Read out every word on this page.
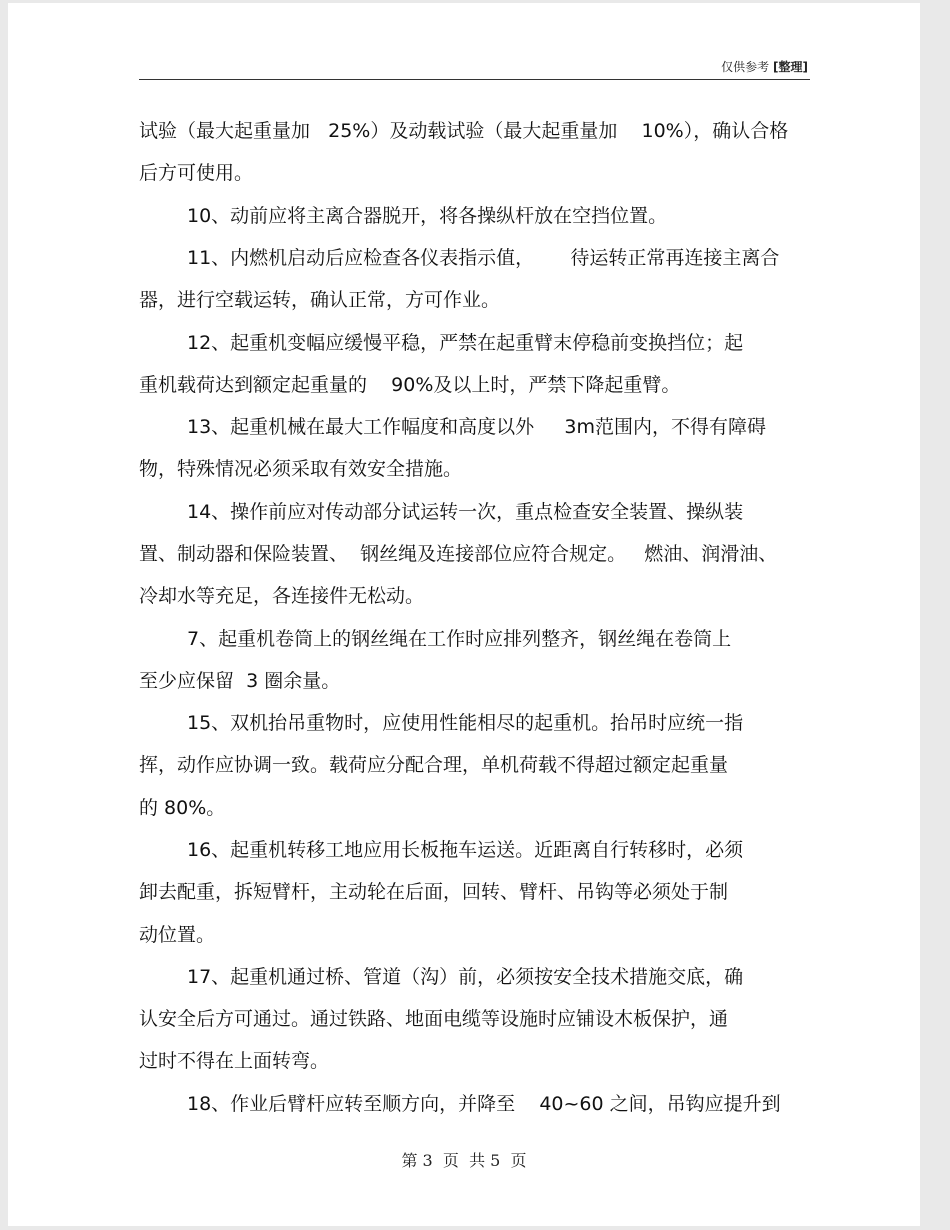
仅供参考 [整理]
试验（最大起重量加   25%）及动载试验（最大起重量加    10%），确认合格
后方可使用。
10、动前应将主离合器脱开，将各操纵杆放在空挡位置。
11、内燃机启动后应检查各仪表指示值，      待运转正常再连接主离合
器，进行空载运转，确认正常，方可作业。
12、起重机变幅应缓慢平稳，严禁在起重臂末停稳前变换挡位；起
重机载荷达到额定起重量的    90%及以上时，严禁下降起重臂。
13、起重机械在最大工作幅度和高度以外     3m范围内，不得有障碍
物，特殊情况必须采取有效安全措施。
14、操作前应对传动部分试运转一次，重点检查安全装置、操纵装
置、制动器和保险装置、  钢丝绳及连接部位应符合规定。   燃油、润滑油、
冷却水等充足，各连接件无松动。
7、起重机卷筒上的钢丝绳在工作时应排列整齐，钢丝绳在卷筒上
至少应保留  3 圈余量。
15、双机抬吊重物时，应使用性能相尽的起重机。抬吊时应统一指
挥，动作应协调一致。载荷应分配合理，单机荷载不得超过额定起重量
的 80%。
16、起重机转移工地应用长板拖车运送。近距离自行转移时，必须
卸去配重，拆短臂杆，主动轮在后面，回转、臂杆、吊钩等必须处于制
动位置。
17、起重机通过桥、管道（沟）前，必须按安全技术措施交底，确
认安全后方可通过。通过铁路、地面电缆等设施时应铺设木板保护，通
过时不得在上面转弯。
18、作业后臂杆应转至顺方向，并降至    40~60 之间，吊钩应提升到
第 3  页  共 5  页
